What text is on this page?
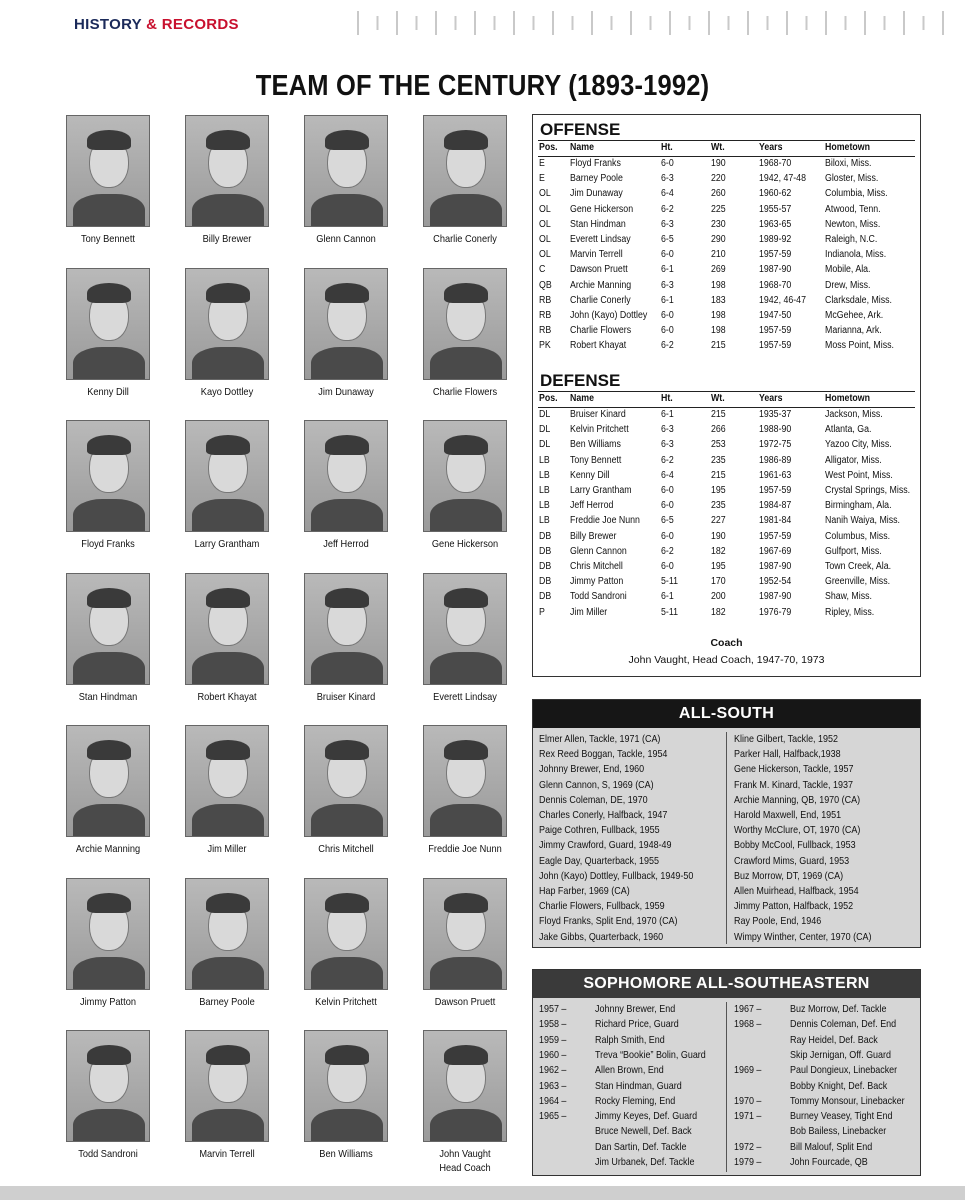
HISTORY & RECORDS
TEAM OF THE CENTURY (1893-1992)
Tony Bennett	Billy Brewer	Glenn Cannon	Charlie Conerly
Kenny Dill	Kayo Dottley	Jim Dunaway	Charlie Flowers
Floyd Franks	Larry Grantham	Jeff Herrod	Gene Hickerson
Stan Hindman	Robert Khayat	Bruiser Kinard	Everett Lindsay
Archie Manning	Jim Miller	Chris Mitchell	Freddie Joe Nunn
Jimmy Patton	Barney Poole	Kelvin Pritchett	Dawson Pruett
Todd Sandroni	Marvin Terrell	Ben Williams	John Vaught
Head Coach
OFFENSE
Pos. Name	Ht.	Wt.	Years	Hometown
E	Floyd Franks	6-0	190	1968-70	Biloxi, Miss.
E	Barney Poole	6-3	220	1942, 47-48 Gloster, Miss.
OL Jim Dunaway	6-4	260	1960-62	Columbia, Miss.
OL Gene Hickerson	6-2	225	1955-57	Atwood, Tenn.
OL Stan Hindman	6-3	230	1963-65	Newton, Miss.
OL Everett Lindsay	6-5	290	1989-92	Raleigh, N.C.
OL Marvin Terrell	6-0	210	1957-59	Indianola, Miss.
C Dawson Pruett	6-1	269	1987-90	Mobile, Ala.
QB Archie Manning	6-3	198	1968-70	Drew, Miss.
RB Charlie Conerly	6-1	183	1942, 46-47 Clarksdale, Miss.
RB John (Kayo) Dottley 6-0	198	1947-50	McGehee, Ark.
RB Charlie Flowers	6-0	198	1957-59	Marianna, Ark.
PK Robert Khayat	6-2	215	1957-59	Moss Point, Miss.
DEFENSE
Pos. Name	Ht.	Wt.	Years	Hometown
DL Bruiser Kinard	6-1	215	1935-37	Jackson, Miss.
DL Kelvin Pritchett	6-3	266	1988-90	Atlanta, Ga.
DL Ben Williams	6-3	253	1972-75	Yazoo City, Miss.
LB Tony Bennett	6-2	235	1986-89	Alligator, Miss.
LB Kenny Dill	6-4	215	1961-63	West Point, Miss.
LB Larry Grantham	6-0	195	1957-59	Crystal Springs, Miss.
LB Jeff Herrod	6-0	235	1984-87	Birmingham, Ala.
LB Freddie Joe Nunn 6-5	227	1981-84	Nanih Waiya, Miss.
DB Billy Brewer	6-0	190	1957-59	Columbus, Miss.
DB Glenn Cannon	6-2	182	1967-69	Gulfport, Miss.
DB Chris Mitchell	6-0	195	1987-90	Town Creek, Ala.
DB Jimmy Patton	5-11	170	1952-54	Greenville, Miss.
DB Todd Sandroni	6-1	200	1987-90	Shaw, Miss.
P	Jim Miller	5-11	182	1976-79	Ripley, Miss.
Coach
John Vaught, Head Coach, 1947-70, 1973
ALL-SOUTH
Elmer Allen, Tackle, 1971 (CA)
Rex Reed Boggan, Tackle, 1954
Johnny Brewer, End, 1960
Glenn Cannon, S, 1969 (CA)
Dennis Coleman, DE, 1970
Charles Conerly, Halfback, 1947
Paige Cothren, Fullback, 1955
Jimmy Crawford, Guard, 1948-49
Eagle Day, Quarterback, 1955
John (Kayo) Dottley, Fullback, 1949-50
Hap Farber, 1969 (CA)
Charlie Flowers, Fullback, 1959
Floyd Franks, Split End, 1970 (CA)
Jake Gibbs, Quarterback, 1960
Kline Gilbert, Tackle, 1952
Parker Hall, Halfback,1938
Gene Hickerson, Tackle, 1957
Frank M. Kinard, Tackle, 1937
Archie Manning, QB, 1970 (CA)
Harold Maxwell, End, 1951
Worthy McClure, OT, 1970 (CA)
Bobby McCool, Fullback, 1953
Crawford Mims, Guard, 1953
Buz Morrow, DT, 1969 (CA)
Allen Muirhead, Halfback, 1954
Jimmy Patton, Halfback, 1952
Ray Poole, End, 1946
Wimpy Winther, Center, 1970 (CA)
SOPHOMORE ALL-SOUTHEASTERN
1957 –	Johnny Brewer, End
1958 –	Richard Price, Guard
1959 –	Ralph Smith, End
1960 –	Treva “Bookie” Bolin, Guard
1962 –	Allen Brown, End
1963 –	Stan Hindman, Guard
1964 –	Rocky Fleming, End
1965 –	Jimmy Keyes, Def. Guard
Bruce Newell, Def. Back
Dan Sartin, Def. Tackle
Jim Urbanek, Def. Tackle
1967 –	Buz Morrow, Def. Tackle
1968 –	Dennis Coleman, Def. End
Ray Heidel, Def. Back
Skip Jernigan, Off. Guard
1969 –	Paul Dongieux, Linebacker
Bobby Knight, Def. Back
1970 –	Tommy Monsour, Linebacker
1971 –	Burney Veasey, Tight End
Bob Bailess, Linebacker
1972 –	Bill Malouf, Split End
1979 –	John Fourcade, QB
